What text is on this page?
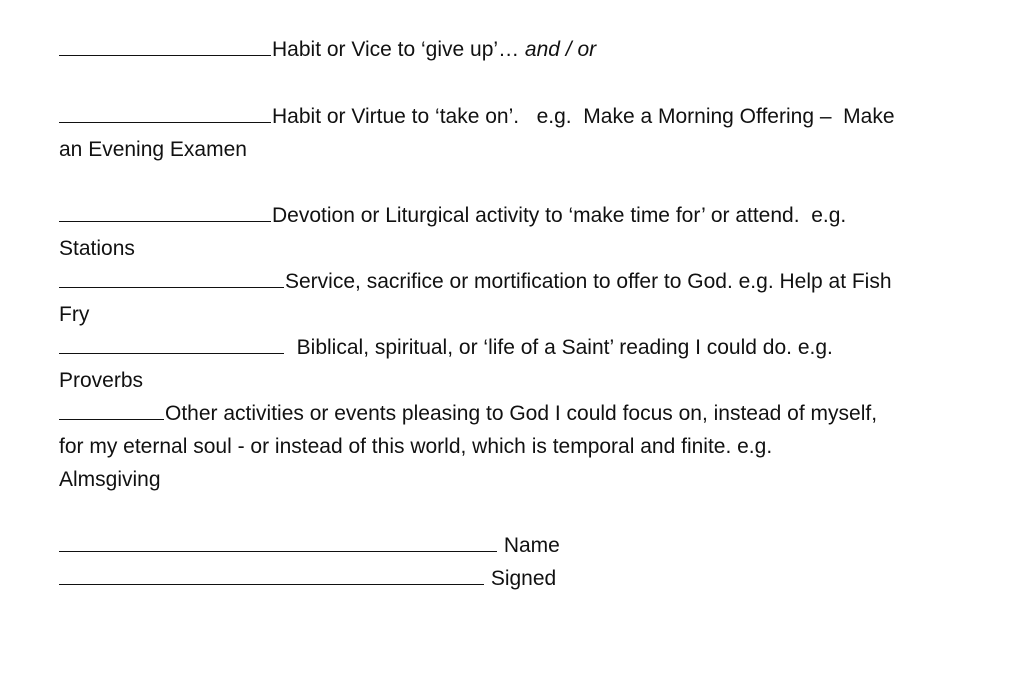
Habit or Vice to ‘give up’… and / or

Habit or Virtue to ‘take on’.   e.g.  Make a Morning Offering –  Make

an Evening Examen

Devotion or Liturgical activity to ‘make time for’ or attend.  e.g.

Stations

Service, sacrifice or mortification to offer to God. e.g. Help at Fish

Fry

Biblical, spiritual, or ‘life of a Saint’ reading I could do. e.g.

Proverbs

Other activities or events pleasing to God I could focus on, instead of myself,

for my eternal soul - or instead of this world, which is temporal and finite. e.g.

Almsgiving

Name

Signed
